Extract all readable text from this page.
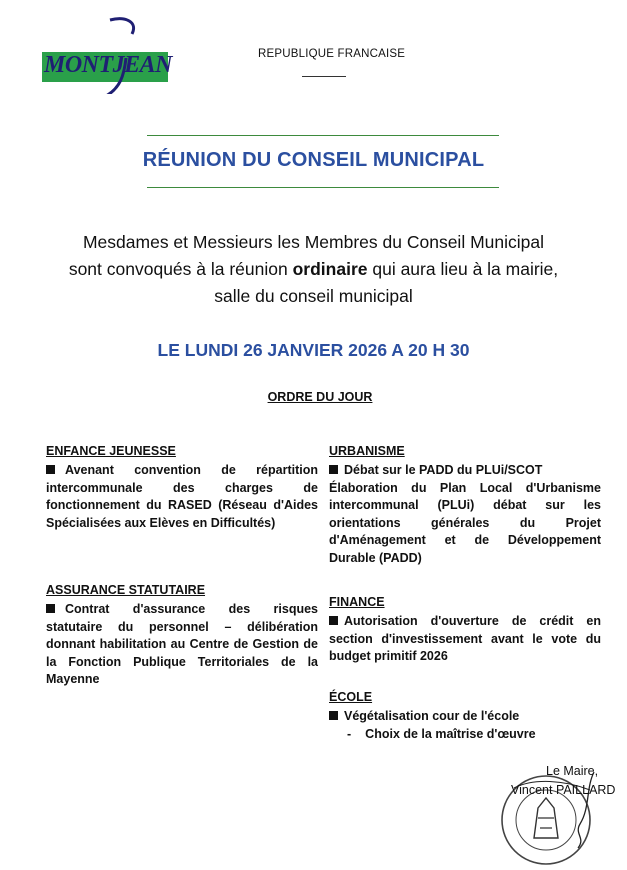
MONTJEAN	REPUBLIQUE FRANCAISE
RÉUNION DU CONSEIL MUNICIPAL
Mesdames et Messieurs les Membres du Conseil Municipal
sont convoqués à la réunion ordinaire qui aura lieu à la mairie,
salle du conseil municipal
LE LUNDI 26 JANVIER 2026 A 20 H 30
ORDRE DU JOUR
ENFANCE JEUNESSE
Avenant convention de répartition intercommunale des charges de fonctionnement du RASED (Réseau d'Aides Spécialisées aux Elèves en Difficultés)
ASSURANCE STATUTAIRE
Contrat d'assurance des risques statutaire du personnel – délibération donnant habilitation au Centre de Gestion de la Fonction Publique Territoriales de la Mayenne
URBANISME
Débat sur le PADD du PLUi/SCOT
Élaboration du Plan Local d'Urbanisme intercommunal (PLUi) débat sur les orientations générales du Projet d'Aménagement et de Développement Durable (PADD)
FINANCE
Autorisation d'ouverture de crédit en section d'investissement avant le vote du budget primitif 2026
ÉCOLE
Végétalisation cour de l'école
- Choix de la maîtrise d'œuvre
Le Maire,
Vincent PAILLARD
